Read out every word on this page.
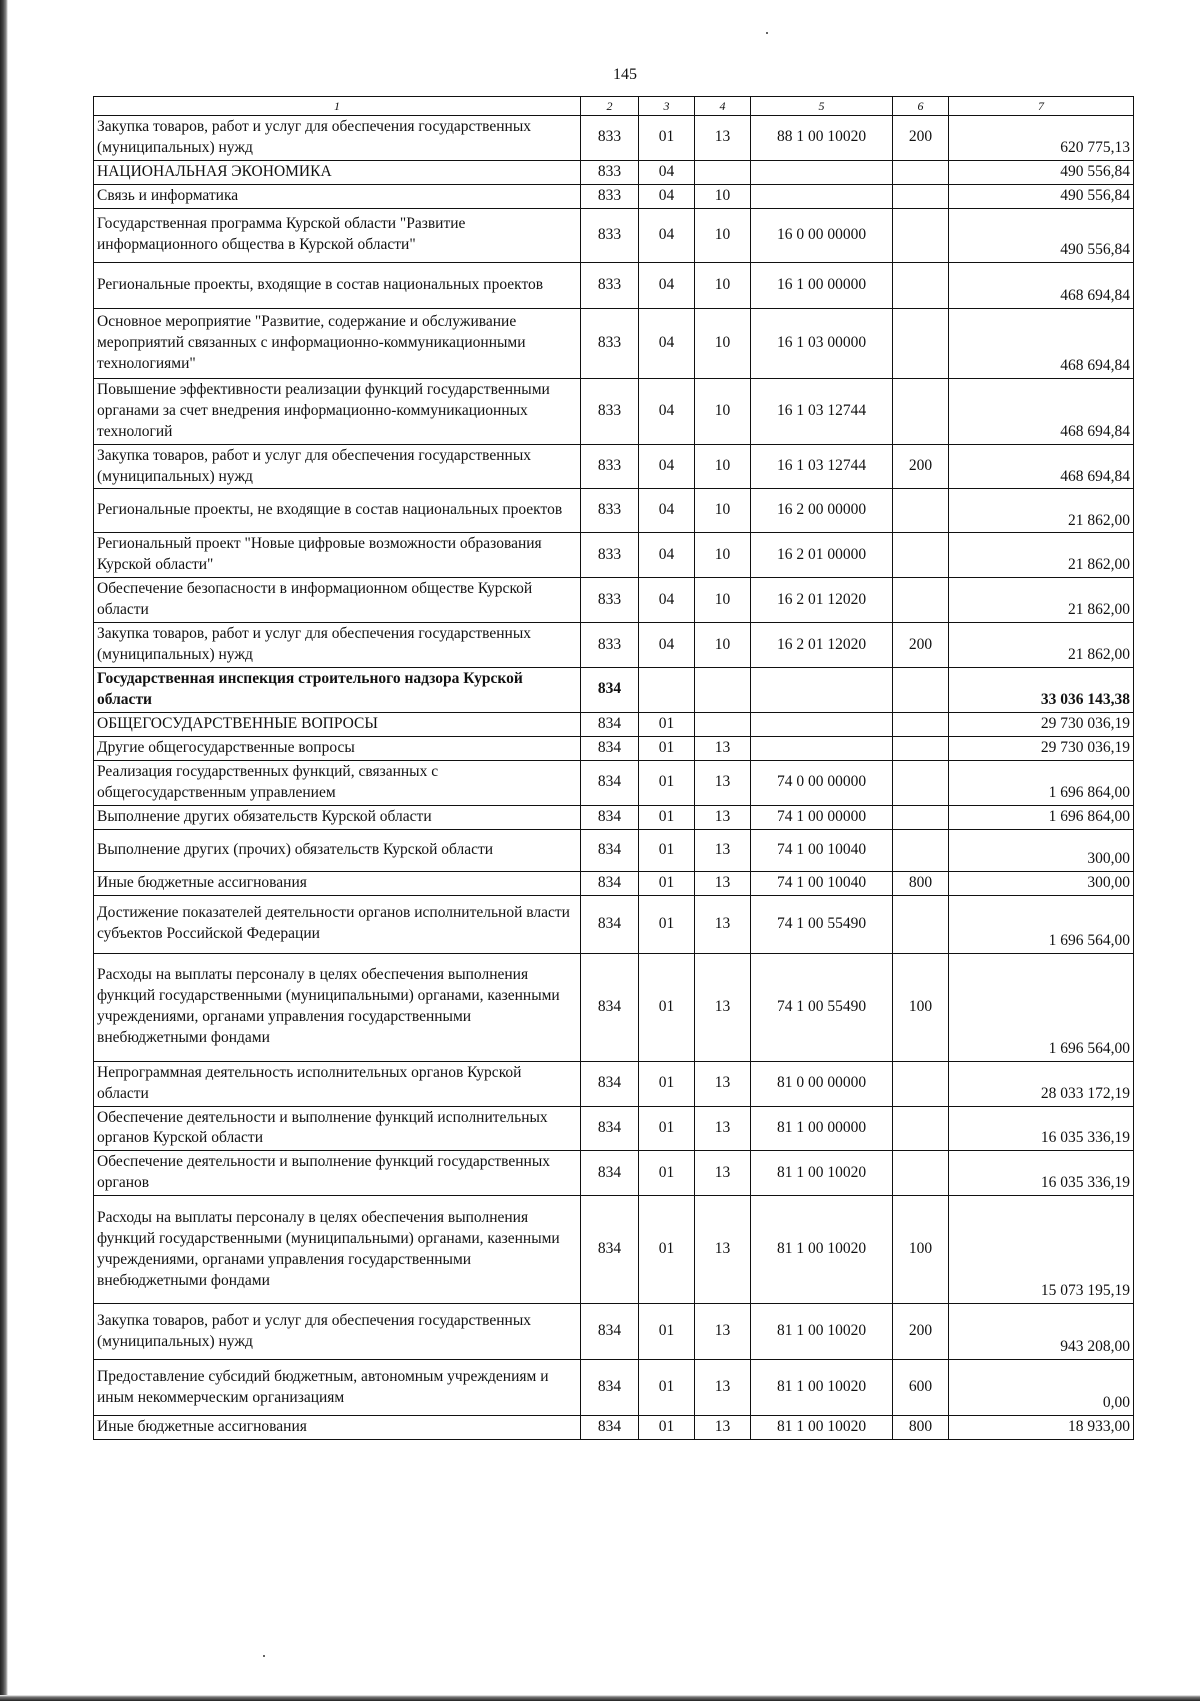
145
1	2	3	4	5	6	7
Закупка товаров, работ и услуг для обеспечения государственных (муниципальных) нужд	833	01	13	88 1 00 10020	200	620 775,13
НАЦИОНАЛЬНАЯ ЭКОНОМИКА	833	04				490 556,84
Связь и информатика	833	04	10			490 556,84
Государственная программа Курской области "Развитие информационного общества в Курской области"	833	04	10	16 0 00 00000		490 556,84
Региональные проекты, входящие в состав национальных проектов	833	04	10	16 1 00 00000		468 694,84
Основное мероприятие "Развитие, содержание и обслуживание мероприятий связанных с информационно-коммуникационными технологиями"	833	04	10	16 1 03 00000		468 694,84
Повышение эффективности реализации функций государственными органами за счет внедрения информационно-коммуникационных технологий	833	04	10	16 1 03 12744		468 694,84
Закупка товаров, работ и услуг для обеспечения государственных (муниципальных) нужд	833	04	10	16 1 03 12744	200	468 694,84
Региональные проекты, не входящие в состав национальных проектов	833	04	10	16 2 00 00000		21 862,00
Региональный проект "Новые цифровые возможности образования Курской области"	833	04	10	16 2 01 00000		21 862,00
Обеспечение безопасности в информационном обществе Курской области	833	04	10	16 2 01 12020		21 862,00
Закупка товаров, работ и услуг для обеспечения государственных (муниципальных) нужд	833	04	10	16 2 01 12020	200	21 862,00
Государственная инспекция строительного надзора Курской области	834					33 036 143,38
ОБЩЕГОСУДАРСТВЕННЫЕ ВОПРОСЫ	834	01				29 730 036,19
Другие общегосударственные вопросы	834	01	13			29 730 036,19
Реализация государственных функций, связанных с общегосударственным управлением	834	01	13	74 0 00 00000		1 696 864,00
Выполнение других обязательств Курской области	834	01	13	74 1 00 00000		1 696 864,00
Выполнение других (прочих) обязательств Курской области	834	01	13	74 1 00 10040		300,00
Иные бюджетные ассигнования	834	01	13	74 1 00 10040	800	300,00
Достижение показателей деятельности органов исполнительной власти субъектов Российской Федерации	834	01	13	74 1 00 55490		1 696 564,00
Расходы на выплаты персоналу в целях обеспечения выполнения функций государственными (муниципальными) органами, казенными учреждениями, органами управления государственными внебюджетными фондами	834	01	13	74 1 00 55490	100	1 696 564,00
Непрограммная деятельность исполнительных органов Курской области	834	01	13	81 0 00 00000		28 033 172,19
Обеспечение деятельности и выполнение функций исполнительных органов Курской области	834	01	13	81 1 00 00000		16 035 336,19
Обеспечение деятельности и выполнение функций государственных органов	834	01	13	81 1 00 10020		16 035 336,19
Расходы на выплаты персоналу в целях обеспечения выполнения функций государственными (муниципальными) органами, казенными учреждениями, органами управления государственными внебюджетными фондами	834	01	13	81 1 00 10020	100	15 073 195,19
Закупка товаров, работ и услуг для обеспечения государственных (муниципальных) нужд	834	01	13	81 1 00 10020	200	943 208,00
Предоставление субсидий бюджетным, автономным учреждениям и иным некоммерческим организациям	834	01	13	81 1 00 10020	600	0,00
Иные бюджетные ассигнования	834	01	13	81 1 00 10020	800	18 933,00
